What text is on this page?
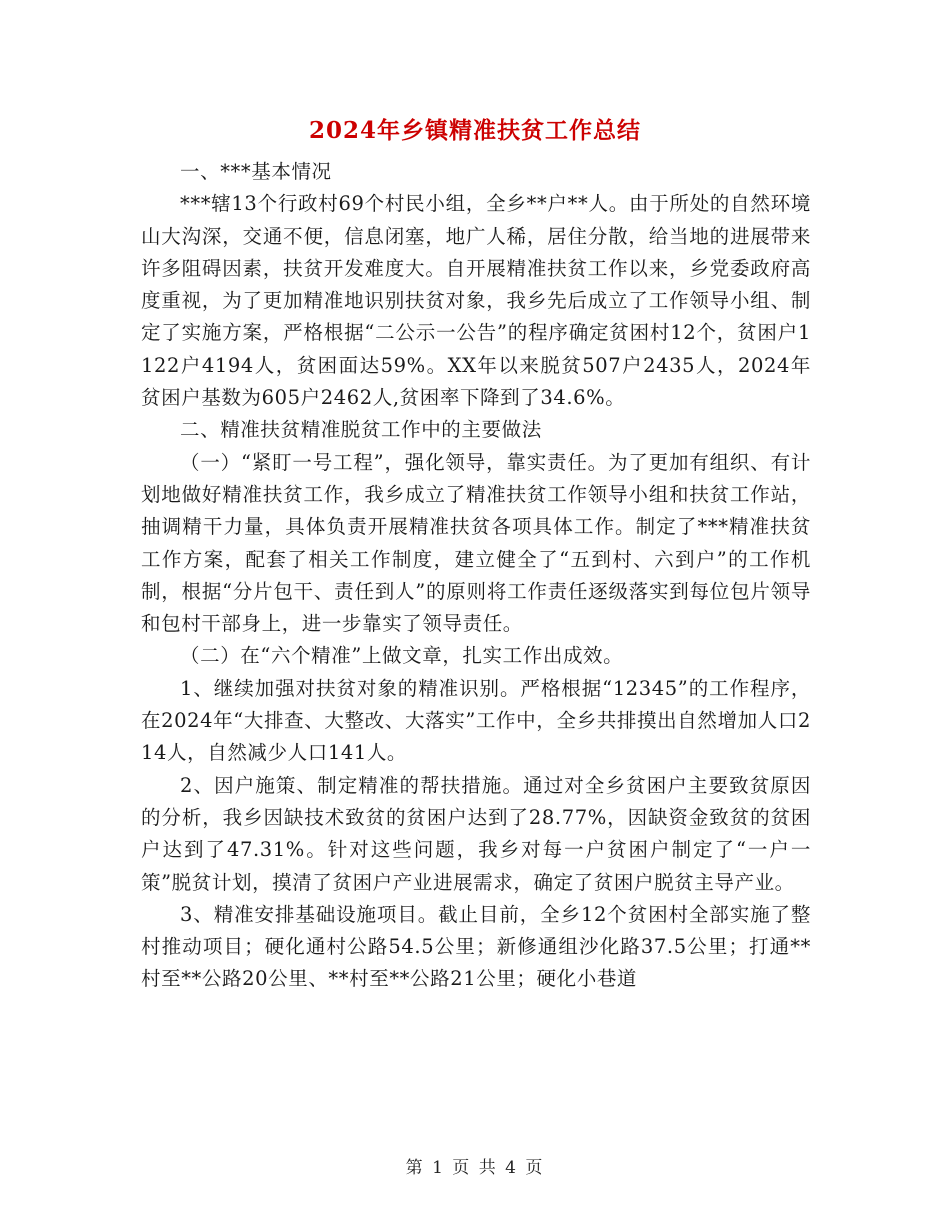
2024年乡镇精准扶贫工作总结

一、***基本情况

***辖13个行政村69个村民小组，全乡**户**人。由于所处的自然环境山大沟深，交通不便，信息闭塞，地广人稀，居住分散，给当地的进展带来许多阻碍因素，扶贫开发难度大。自开展精准扶贫工作以来，乡党委政府高度重视，为了更加精准地识别扶贫对象，我乡先后成立了工作领导小组、制定了实施方案，严格根据“二公示一公告”的程序确定贫困村12个，贫困户1122户4194人，贫困面达59%。XX年以来脱贫507户2435人，2024年贫困户基数为605户2462人,贫困率下降到了34.6%。

二、精准扶贫精准脱贫工作中的主要做法

（一）“紧盯一号工程”，强化领导，靠实责任。为了更加有组织、有计划地做好精准扶贫工作，我乡成立了精准扶贫工作领导小组和扶贫工作站，抽调精干力量，具体负责开展精准扶贫各项具体工作。制定了***精准扶贫工作方案，配套了相关工作制度，建立健全了“五到村、六到户”的工作机制，根据“分片包干、责任到人”的原则将工作责任逐级落实到每位包片领导和包村干部身上，进一步靠实了领导责任。

（二）在“六个精准”上做文章，扎实工作出成效。

1、继续加强对扶贫对象的精准识别。严格根据“12345”的工作程序，在2024年“大排查、大整改、大落实”工作中，全乡共排摸出自然增加人口214人，自然减少人口141人。

2、因户施策、制定精准的帮扶措施。通过对全乡贫困户主要致贫原因的分析，我乡因缺技术致贫的贫困户达到了28.77%，因缺资金致贫的贫困户达到了47.31%。针对这些问题，我乡对每一户贫困户制定了“一户一策”脱贫计划，摸清了贫困户产业进展需求，确定了贫困户脱贫主导产业。

3、精准安排基础设施项目。截止目前，全乡12个贫困村全部实施了整村推动项目；硬化通村公路54.5公里；新修通组沙化路37.5公里；打通**村至**公路20公里、**村至**公路21公里；硬化小巷道

第 1 页 共 4 页
